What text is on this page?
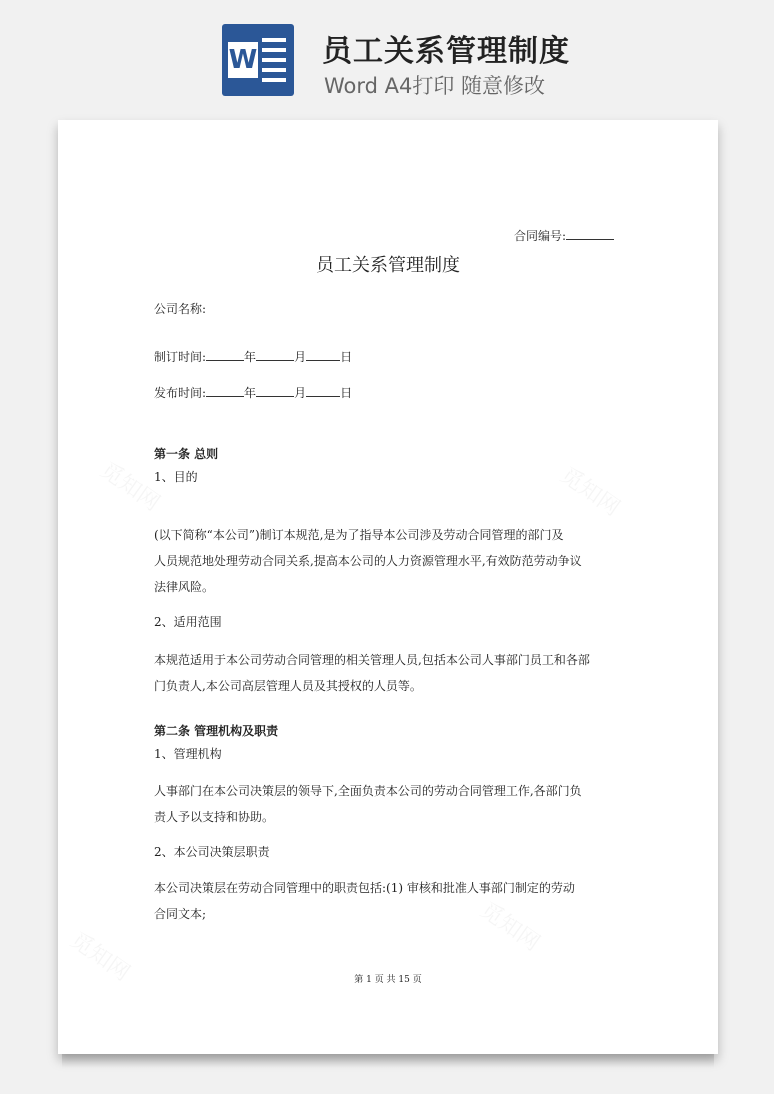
W 员工关系管理制度
Word A4打印 随意修改
合同编号:
员工关系管理制度
公司名称:
制订时间:	年	月	日
发布时间:	年	月	日
第一条 总则
1、目的
(以下简称“本公司”)制订本规范,是为了指导本公司涉及劳动合同管理的部门及
人员规范地处理劳动合同关系,提高本公司的人力资源管理水平,有效防范劳动争议
法律风险。
2、适用范围
本规范适用于本公司劳动合同管理的相关管理人员,包括本公司人事部门员工和各部
门负责人,本公司高层管理人员及其授权的人员等。
第二条 管理机构及职责
1、管理机构
人事部门在本公司决策层的领导下,全面负责本公司的劳动合同管理工作,各部门负
责人予以支持和协助。
2、本公司决策层职责
本公司决策层在劳动合同管理中的职责包括:(1) 审核和批准人事部门制定的劳动
合同文本;
第 1 页 共 15 页
